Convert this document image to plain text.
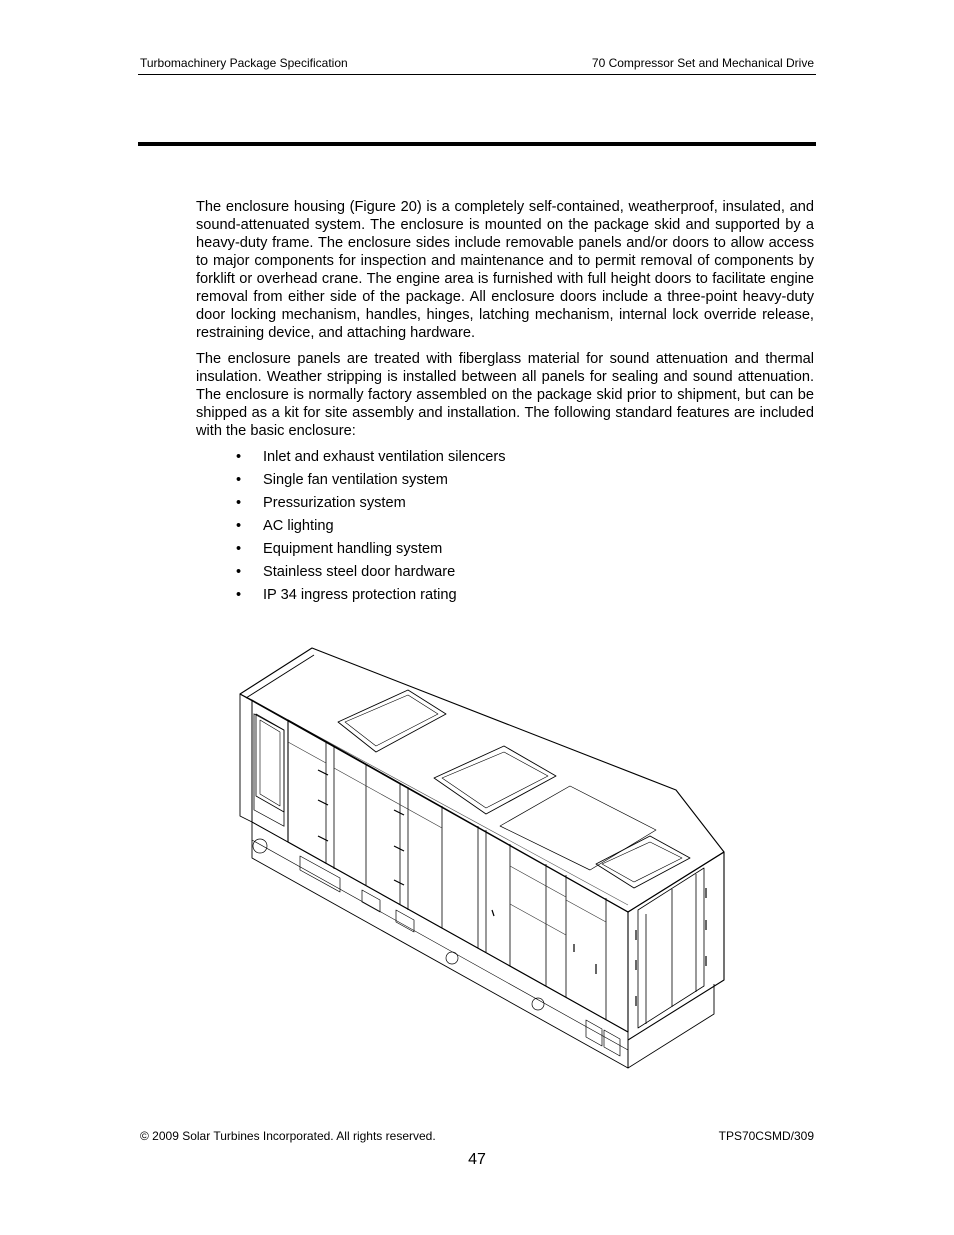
Turbomachinery Package Specification	70 Compressor Set and Mechanical Drive

The enclosure housing (Figure 20) is a completely self-contained, weatherproof, insulated, and sound-attenuated system. The enclosure is mounted on the package skid and supported by a heavy-duty frame. The enclosure sides include removable panels and/or doors to allow access to major components for inspection and maintenance and to permit removal of components by forklift or overhead crane. The engine area is furnished with full height doors to facilitate engine removal from either side of the package. All enclosure doors include a three-point heavy-duty door locking mechanism, handles, hinges, latching mechanism, internal lock override release, restraining device, and attaching hardware.

The enclosure panels are treated with fiberglass material for sound attenuation and thermal insulation. Weather stripping is installed between all panels for sealing and sound attenuation. The enclosure is normally factory assembled on the package skid prior to shipment, but can be shipped as a kit for site assembly and installation. The following standard features are included with the basic enclosure:

• Inlet and exhaust ventilation silencers
• Single fan ventilation system
• Pressurization system
• AC lighting
• Equipment handling system
• Stainless steel door hardware
• IP 34 ingress protection rating
© 2009 Solar Turbines Incorporated. All rights reserved.	TPS70CSMD/309
47
